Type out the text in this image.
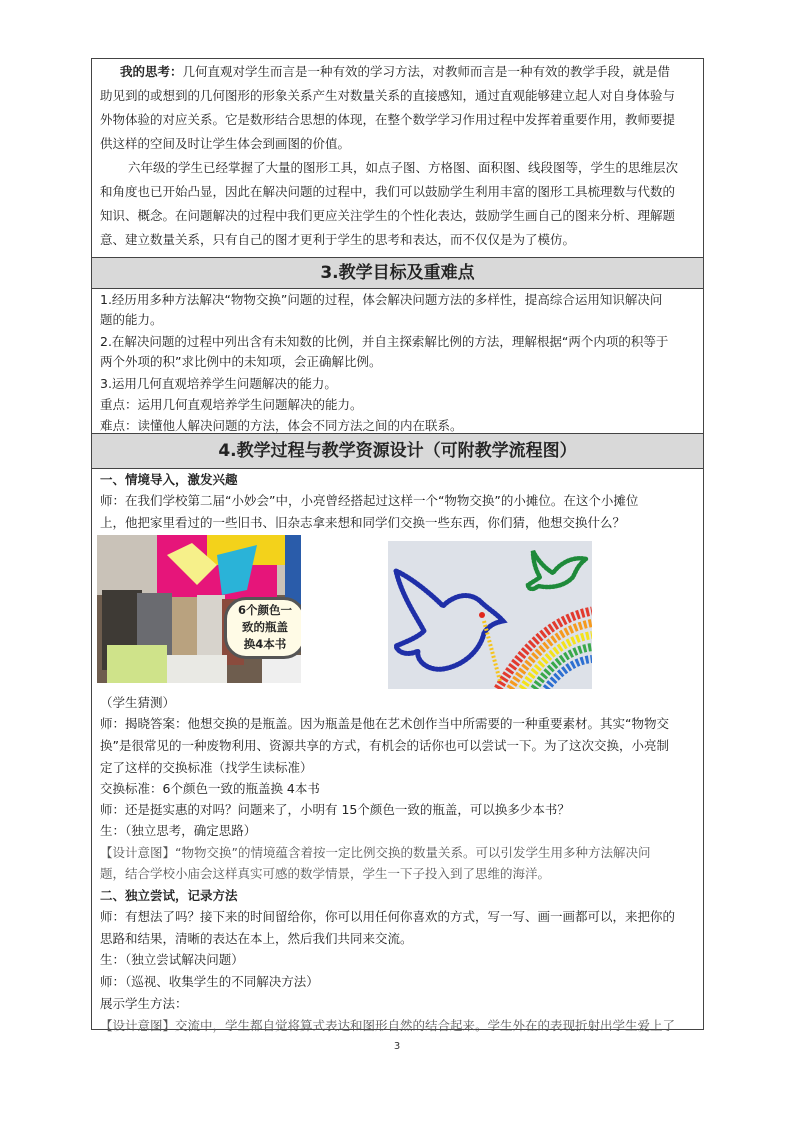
我的思考：几何直观对学生而言是一种有效的学习方法，对教师而言是一种有效的教学手段，就是借
助见到的或想到的几何图形的形象关系产生对数量关系的直接感知，通过直观能够建立起人对自身体验与
外物体验的对应关系。它是数形结合思想的体现，在整个数学学习作用过程中发挥着重要作用，教师要提
供这样的空间及时让学生体会到画图的价值。
六年级的学生已经掌握了大量的图形工具，如点子图、方格图、面积图、线段图等，学生的思维层次
和角度也已开始凸显，因此在解决问题的过程中，我们可以鼓励学生利用丰富的图形工具梳理数与代数的
知识、概念。在问题解决的过程中我们更应关注学生的个性化表达，鼓励学生画自己的图来分析、理解题
意、建立数量关系，只有自己的图才更利于学生的思考和表达，而不仅仅是为了模仿。
3.教学目标及重难点
1.经历用多种方法解决“物物交换”问题的过程，体会解决问题方法的多样性，提高综合运用知识解决问
题的能力。
2.在解决问题的过程中列出含有未知数的比例，并自主探索解比例的方法，理解根据“两个内项的积等于
两个外项的积”求比例中的未知项，会正确解比例。
3.运用几何直观培养学生问题解决的能力。
重点：运用几何直观培养学生问题解决的能力。
难点：读懂他人解决问题的方法，体会不同方法之间的内在联系。
4.教学过程与教学资源设计（可附教学流程图）
一、情境导入，激发兴趣
师：在我们学校第二届“小妙会”中，小亮曾经搭起过这样一个“物物交换”的小摊位。在这个小摊位
上，他把家里看过的一些旧书、旧杂志拿来想和同学们交换一些东西，你们猜，他想交换什么？
（学生猜测）
师：揭晓答案：他想交换的是瓶盖。因为瓶盖是他在艺术创作当中所需要的一种重要素材。其实“物物交
换”是很常见的一种废物利用、资源共享的方式，有机会的话你也可以尝试一下。为了这次交换，小亮制
定了这样的交换标准（找学生读标准）
交换标准：6个颜色一致的瓶盖换 4本书
师：还是挺实惠的对吗？问题来了，小明有 15个颜色一致的瓶盖，可以换多少本书？
生：（独立思考，确定思路）
【设计意图】“物物交换”的情境蕴含着按一定比例交换的数量关系。可以引发学生用多种方法解决问
题，结合学校小庙会这样真实可感的数学情景，学生一下子投入到了思维的海洋。
二、独立尝试，记录方法
师：有想法了吗？接下来的时间留给你，你可以用任何你喜欢的方式，写一写、画一画都可以，来把你的
思路和结果，清晰的表达在本上，然后我们共同来交流。
生：（独立尝试解决问题）
师：（巡视、收集学生的不同解决方法）
展示学生方法：
【设计意图】交流中，学生都自觉将算式表达和图形自然的结合起来。学生外在的表现折射出学生爱上了
6个颜色一
致的瓶盖
换4本书
3
